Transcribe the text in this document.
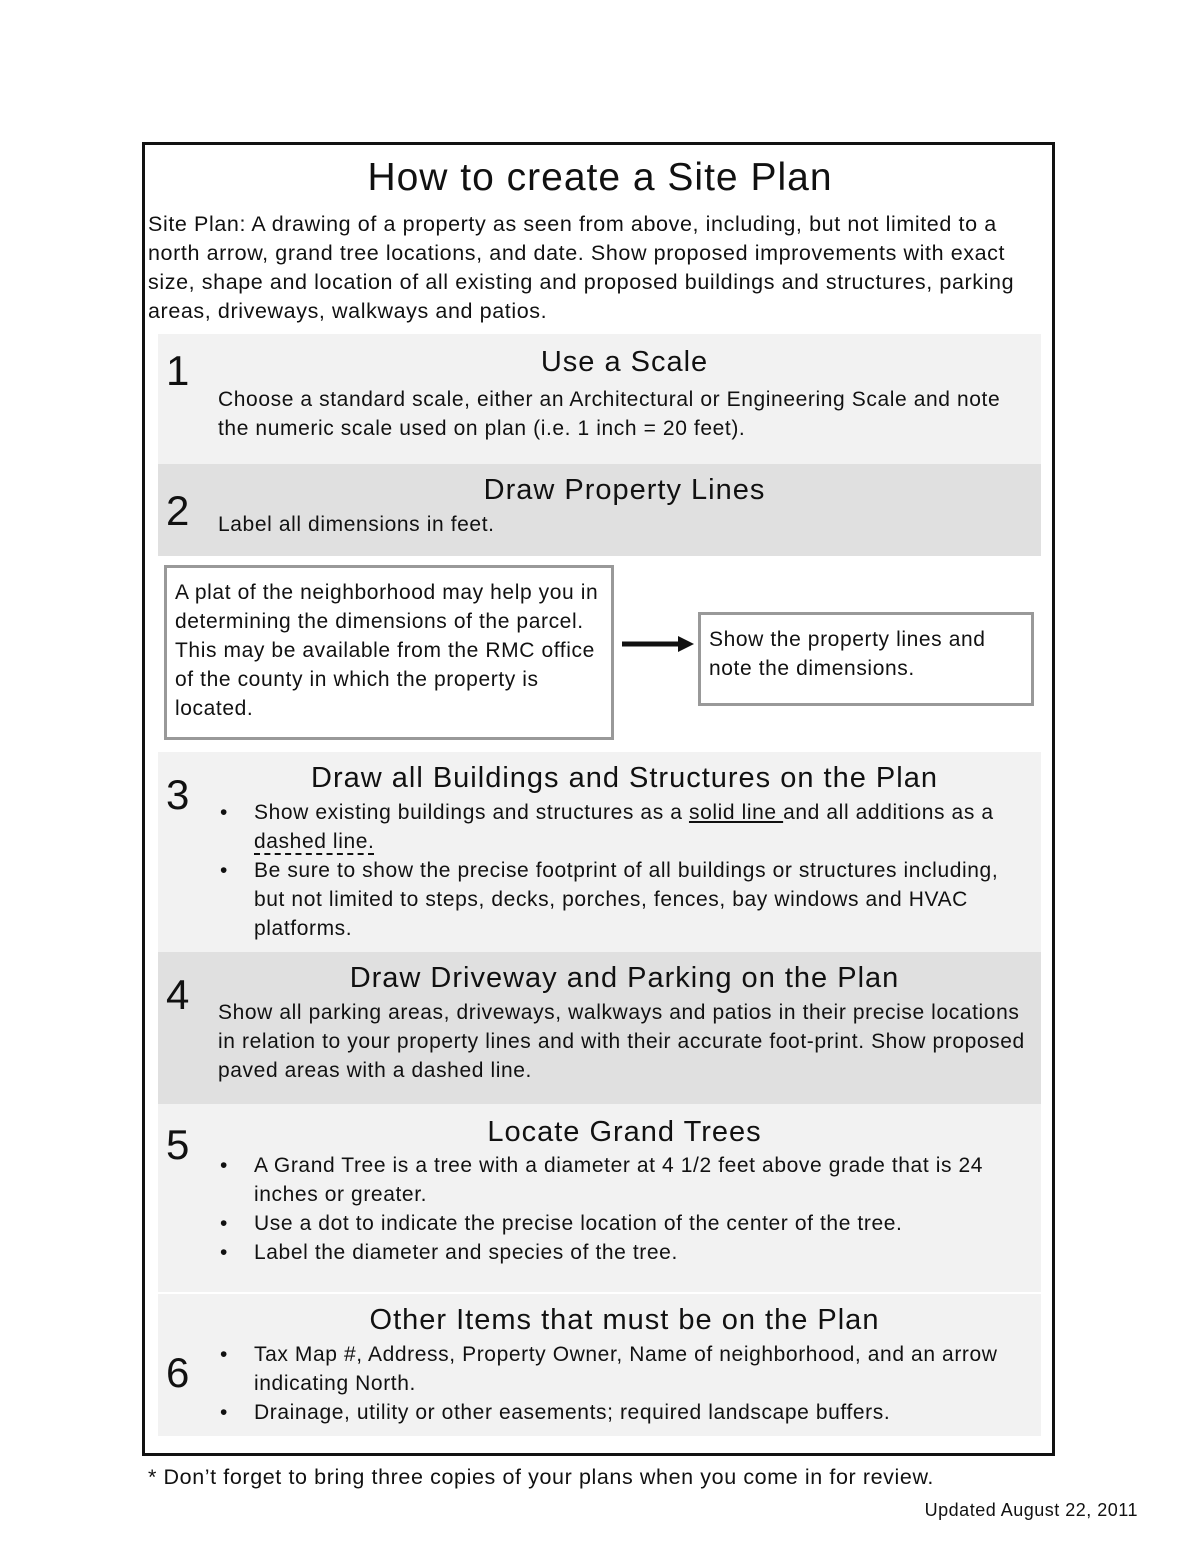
How to create a Site Plan

Site Plan: A drawing of a property as seen from above, including, but not limited to a north arrow, grand tree locations, and date. Show proposed improvements with exact size, shape and location of all existing and proposed buildings and structures, parking areas, driveways, walkways and patios.

1	Use a Scale

Choose a standard scale, either an Architectural or Engineering Scale and note the numeric scale used on plan (i.e. 1 inch = 20 feet).

2	Draw Property Lines

Label all dimensions in feet.

A plat of the neighborhood may help you in determining the dimensions of the parcel. This may be available from the RMC office of the county in which the property is located.
Show the property lines and note the dimensions.
3	Draw all Buildings and Structures on the Plan
• Show existing buildings and structures as a solid line and all additions as a dashed line.
• Be sure to show the precise footprint of all buildings or structures including, but not limited to steps, decks, porches, fences, bay windows and HVAC platforms.
4	Draw Driveway and Parking on the Plan

Show all parking areas, driveways, walkways and patios in their precise locations in relation to your property lines and with their accurate foot-print. Show proposed paved areas with a dashed line.

5	Locate Grand Trees
• A Grand Tree is a tree with a diameter at 4 1/2 feet above grade that is 24 inches or greater.
• Use a dot to indicate the precise location of the center of the tree.
• Label the diameter and species of the tree.
6
Other Items that must be on the Plan
• Tax Map #, Address, Property Owner, Name of neighborhood, and an arrow indicating North.
• Drainage, utility or other easements; required landscape buffers.

* Don’t forget to bring three copies of your plans when you come in for review.

Updated August 22, 2011
